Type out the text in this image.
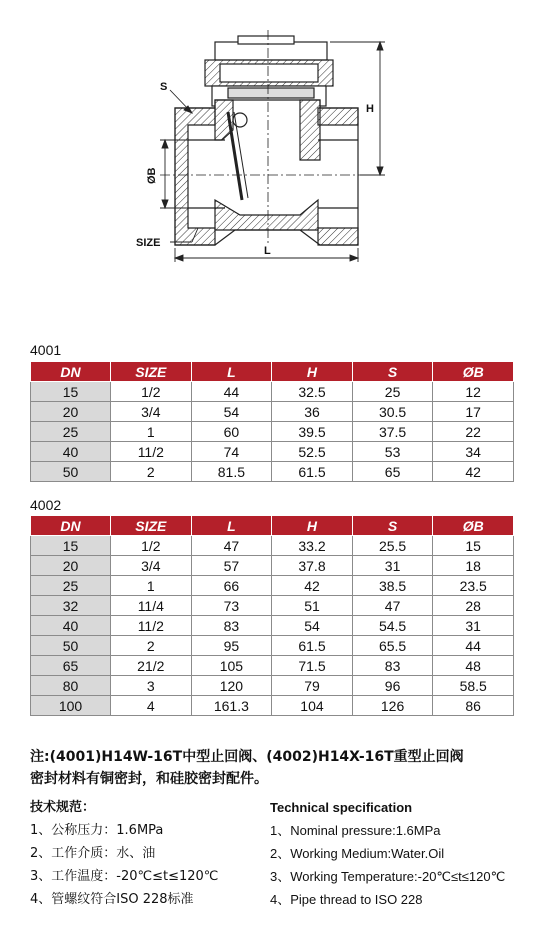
S
H
ØB
SIZE
L
4001
DN	SIZE	L	H	S	ØB
15	1/2	44	32.5	25	12
20	3/4	54	36	30.5	17
25	1	60	39.5	37.5	22
40	11/2	74	52.5	53	34
50	2	81.5	61.5	65	42
4002
DN	SIZE	L	H	S	ØB
15	1/2	47	33.2	25.5	15
20	3/4	57	37.8	31	18
25	1	66	42	38.5	23.5
32	11/4	73	51	47	28
40	11/2	83	54	54.5	31
50	2	95	61.5	65.5	44
65	21/2	105	71.5	83	48
80	3	120	79	96	58.5
100	4	161.3	104	126	86
注:(4001)H14W-16T中型止回阀、(4002)H14X-16T重型止回阀
密封材料有铜密封，和硅胶密封配件。
技术规范：
1、公称压力：1.6MPa
2、工作介质：水、油
3、工作温度：-20℃≤t≤120℃
4、管螺纹符合ISO 228标准
Technical specification
1、Nominal pressure:1.6MPa
2、Working Medium:Water.Oil
3、Working Temperature:-20℃≤t≤120℃
4、Pipe thread to ISO 228
